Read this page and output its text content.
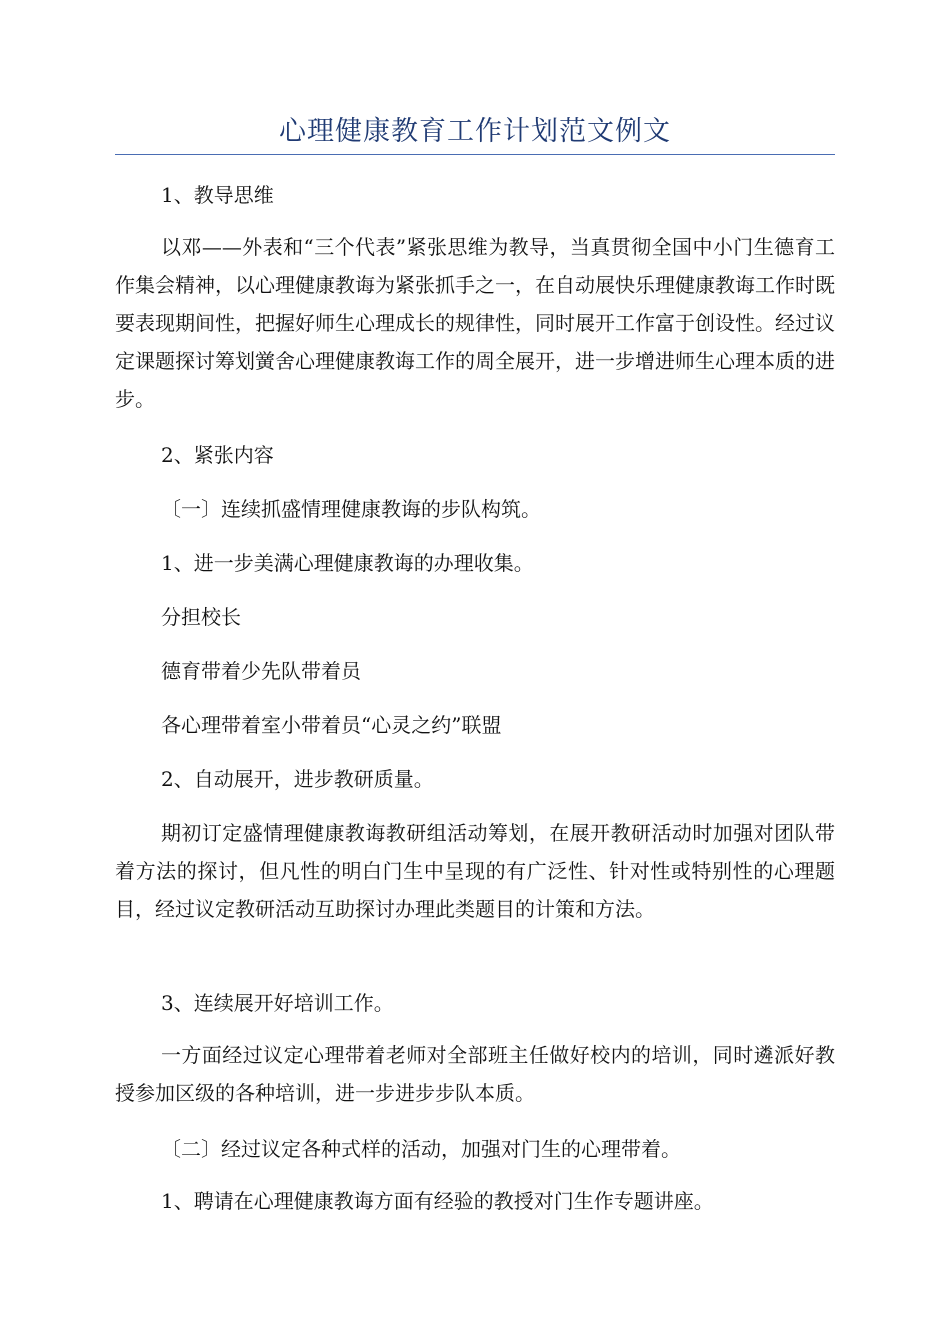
心理健康教育工作计划范文例文

1、教导思维

以邓——外表和“三个代表”紧张思维为教导，当真贯彻全国中小门生德育工作集会精神，以心理健康教诲为紧张抓手之一，在自动展快乐理健康教诲工作时既要表现期间性，把握好师生心理成长的规律性，同时展开工作富于创设性。经过议定课题探讨筹划黉舍心理健康教诲工作的周全展开，进一步增进师生心理本质的进步。

2、紧张内容

〔一〕连续抓盛情理健康教诲的步队构筑。

1、进一步美满心理健康教诲的办理收集。

分担校长

德育带着少先队带着员

各心理带着室小带着员“心灵之约”联盟

2、自动展开，进步教研质量。

期初订定盛情理健康教诲教研组活动筹划，在展开教研活动时加强对团队带着方法的探讨，但凡性的明白门生中呈现的有广泛性、针对性或特别性的心理题目，经过议定教研活动互助探讨办理此类题目的计策和方法。

3、连续展开好培训工作。

一方面经过议定心理带着老师对全部班主任做好校内的培训，同时遴派好教授参加区级的各种培训，进一步进步步队本质。

〔二〕经过议定各种式样的活动，加强对门生的心理带着。

1、聘请在心理健康教诲方面有经验的教授对门生作专题讲座。
